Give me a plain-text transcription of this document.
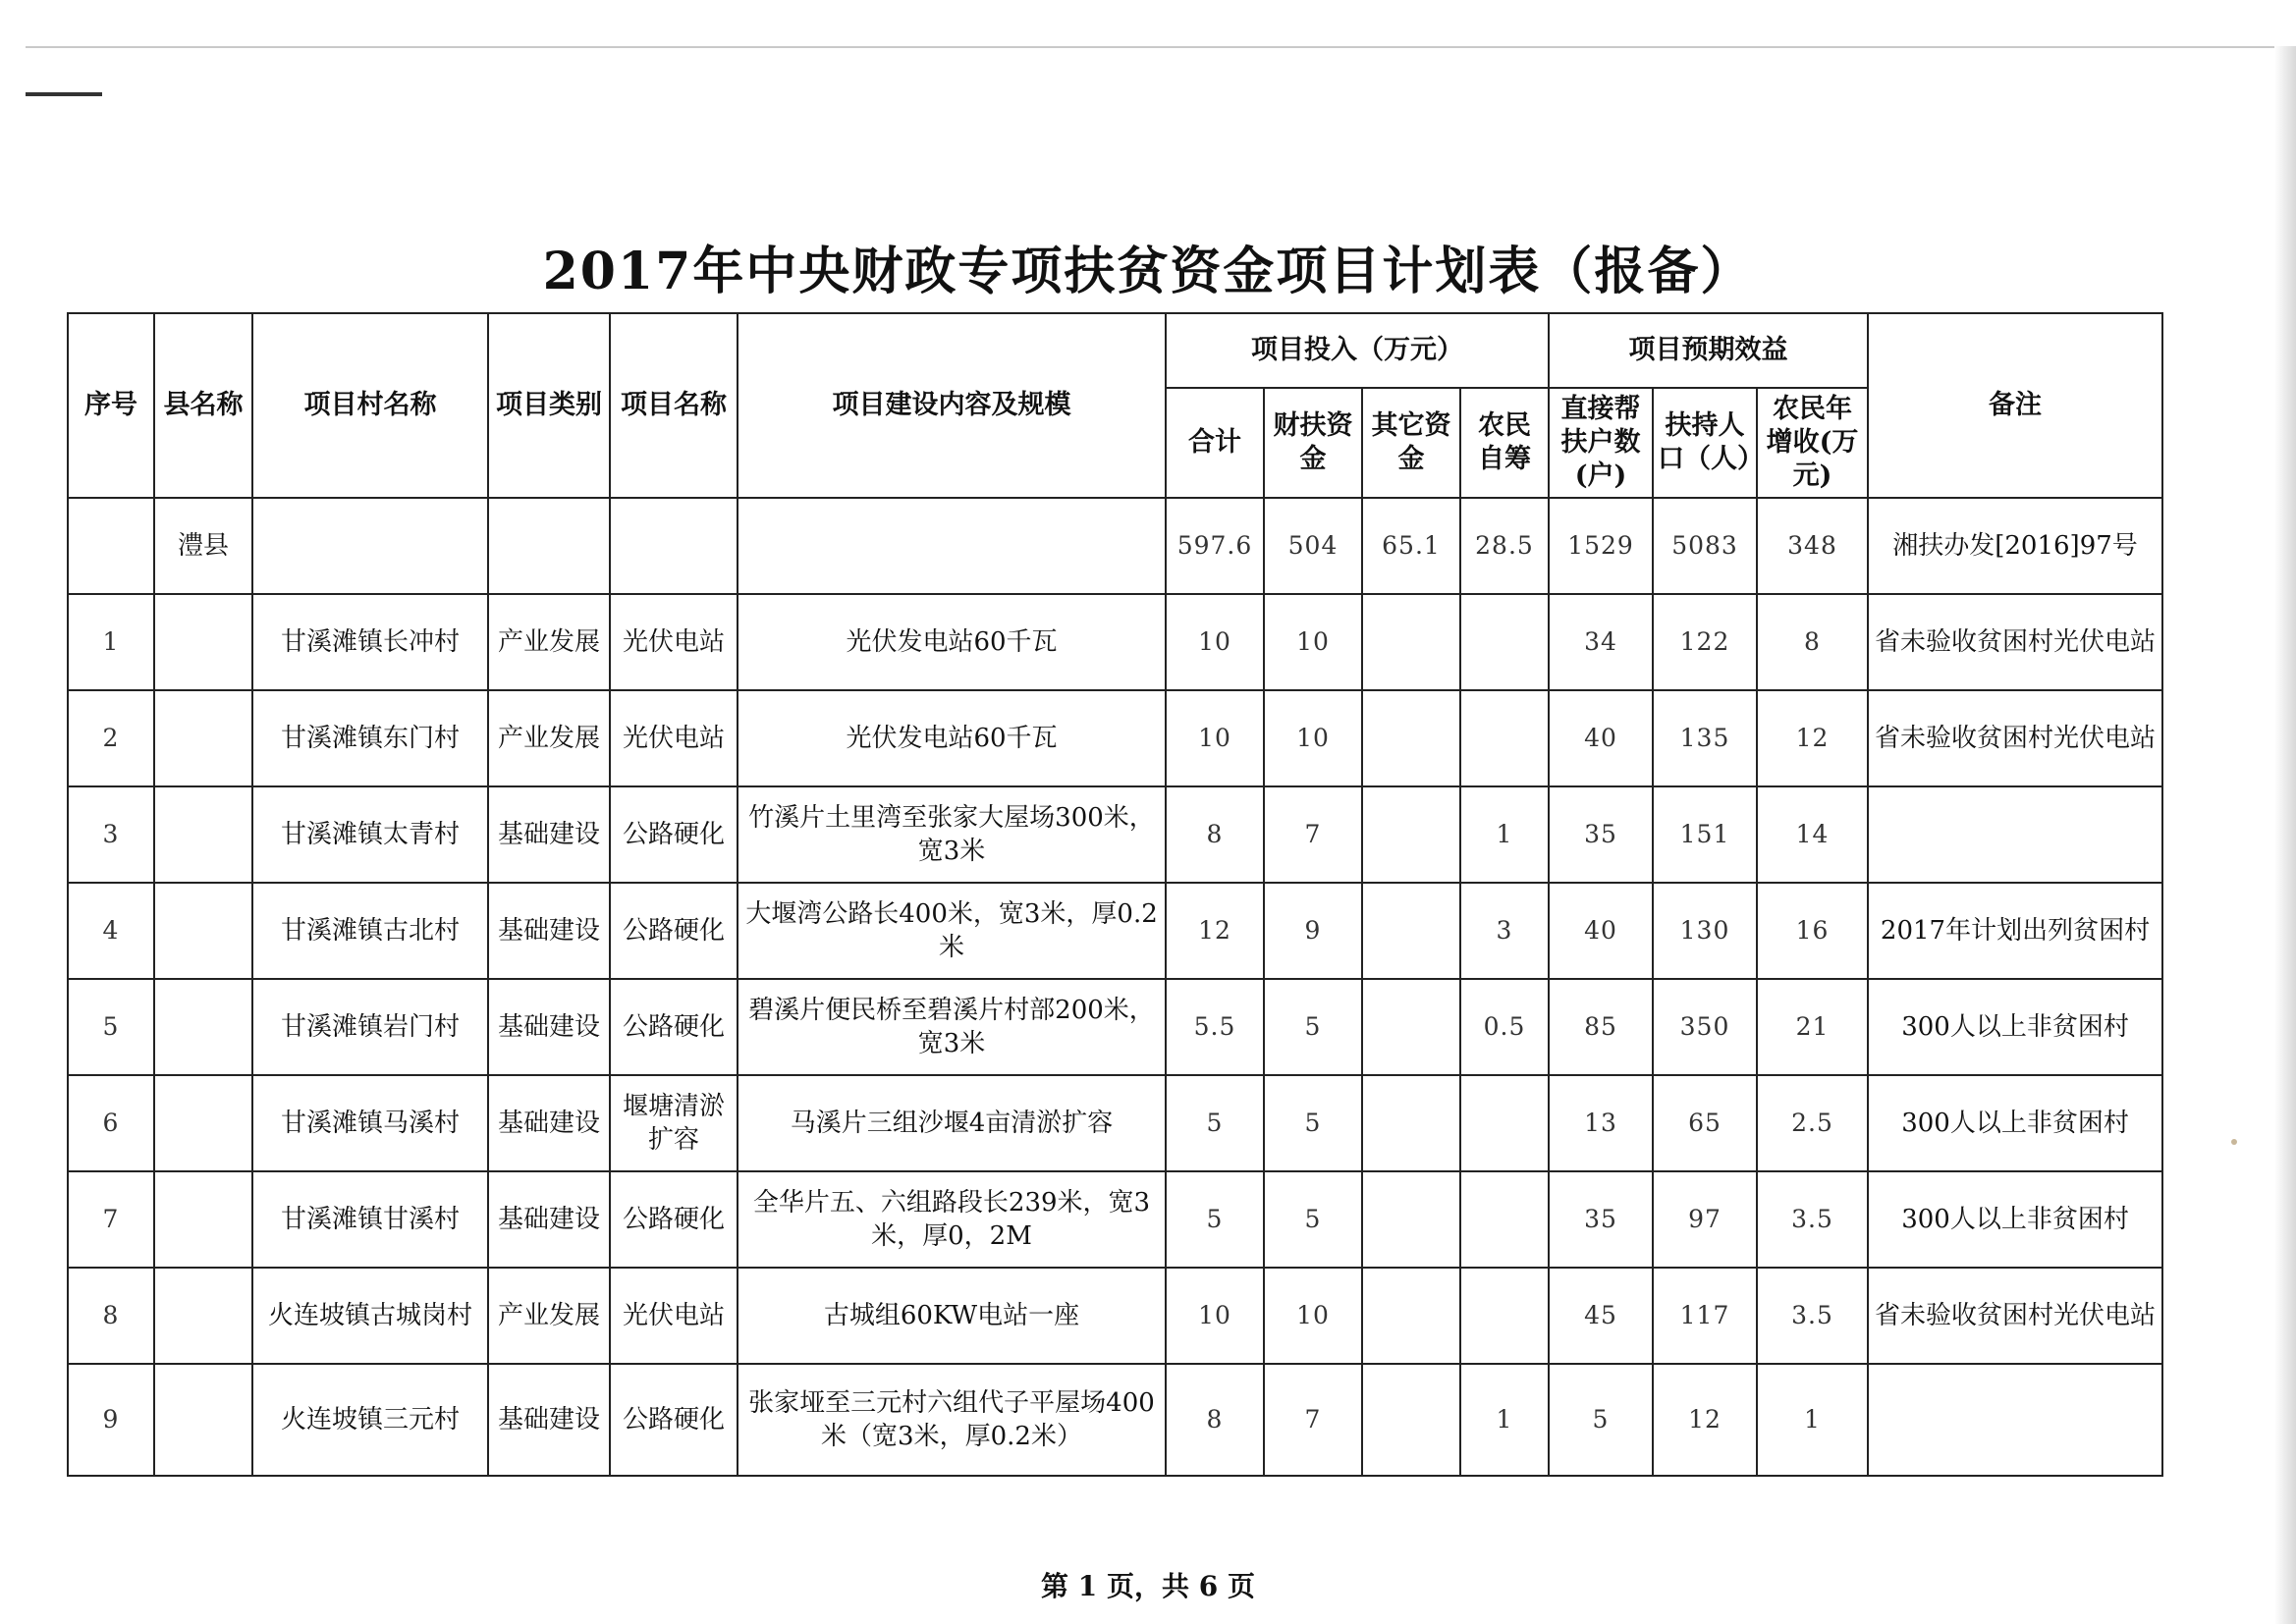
2017年中央财政专项扶贫资金项目计划表（报备）
序号	县名称	项目村名称	项目类别	项目名称	项目建设内容及规模	项目投入（万元）				项目预期效益			备注
						合计	财扶资金	其它资金	农民自筹	直接帮扶户数(户)	扶持人口（人）	农民年增收(万元)	
	澧县					597.6	504	65.1	28.5	1529	5083	348	湘扶办发[2016]97号
1		甘溪滩镇长冲村	产业发展	光伏电站	光伏发电站60千瓦	10	10			34	122	8	省未验收贫困村光伏电站
2		甘溪滩镇东门村	产业发展	光伏电站	光伏发电站60千瓦	10	10			40	135	12	省未验收贫困村光伏电站
3		甘溪滩镇太青村	基础建设	公路硬化	竹溪片土里湾至张家大屋场300米，宽3米	8	7		1	35	151	14	
4		甘溪滩镇古北村	基础建设	公路硬化	大堰湾公路长400米，宽3米，厚0.2米	12	9		3	40	130	16	2017年计划出列贫困村
5		甘溪滩镇岩门村	基础建设	公路硬化	碧溪片便民桥至碧溪片村部200米，宽3米	5.5	5		0.5	85	350	21	300人以上非贫困村
6		甘溪滩镇马溪村	基础建设	堰塘清淤扩容	马溪片三组沙堰4亩清淤扩容	5	5			13	65	2.5	300人以上非贫困村
7		甘溪滩镇甘溪村	基础建设	公路硬化	全华片五、六组路段长239米，宽3米，厚0，2M	5	5			35	97	3.5	300人以上非贫困村
8		火连坡镇古城岗村	产业发展	光伏电站	古城组60KW电站一座	10	10			45	117	3.5	省未验收贫困村光伏电站
9		火连坡镇三元村	基础建设	公路硬化	张家垭至三元村六组代子平屋场400米（宽3米，厚0.2米）	8	7		1	5	12	1	
第 1 页，共 6 页
